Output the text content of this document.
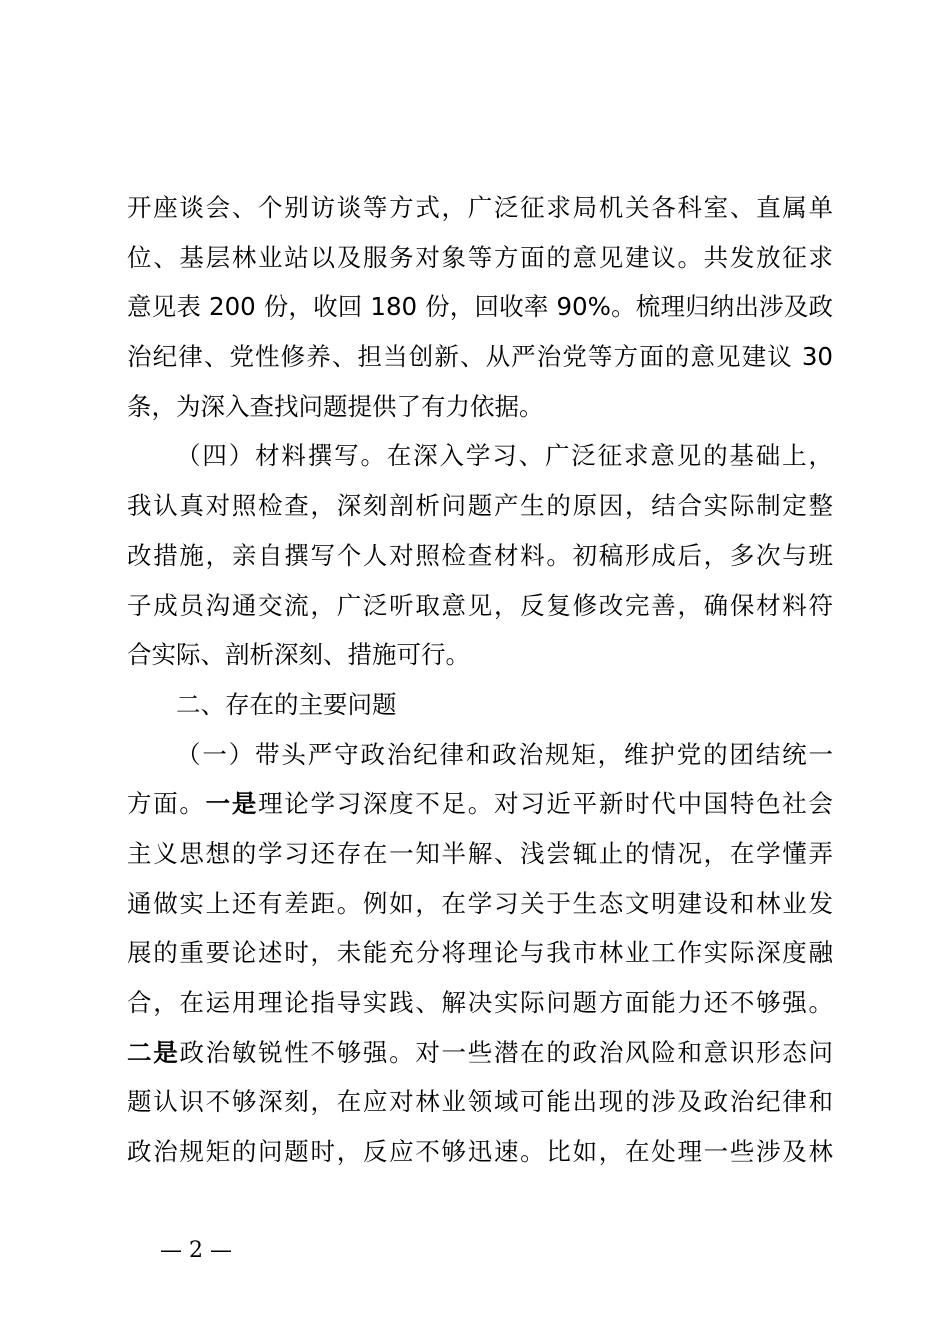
开座谈会、个别访谈等方式，广泛征求局机关各科室、直属单
位、基层林业站以及服务对象等方面的意见建议。共发放征求
意见表 200 份，收回 180 份，回收率 90%。梳理归纳出涉及政
治纪律、党性修养、担当创新、从严治党等方面的意见建议 30
条，为深入查找问题提供了有力依据。
（四）材料撰写。在深入学习、广泛征求意见的基础上，
我认真对照检查，深刻剖析问题产生的原因，结合实际制定整
改措施，亲自撰写个人对照检查材料。初稿形成后，多次与班
子成员沟通交流，广泛听取意见，反复修改完善，确保材料符
合实际、剖析深刻、措施可行。
二、存在的主要问题
（一）带头严守政治纪律和政治规矩，维护党的团结统一
方面。一是理论学习深度不足。对习近平新时代中国特色社会
主义思想的学习还存在一知半解、浅尝辄止的情况，在学懂弄
通做实上还有差距。例如，在学习关于生态文明建设和林业发
展的重要论述时，未能充分将理论与我市林业工作实际深度融
合，在运用理论指导实践、解决实际问题方面能力还不够强。
二是政治敏锐性不够强。对一些潜在的政治风险和意识形态问
题认识不够深刻，在应对林业领域可能出现的涉及政治纪律和
政治规矩的问题时，反应不够迅速。比如，在处理一些涉及林
— 2 —
